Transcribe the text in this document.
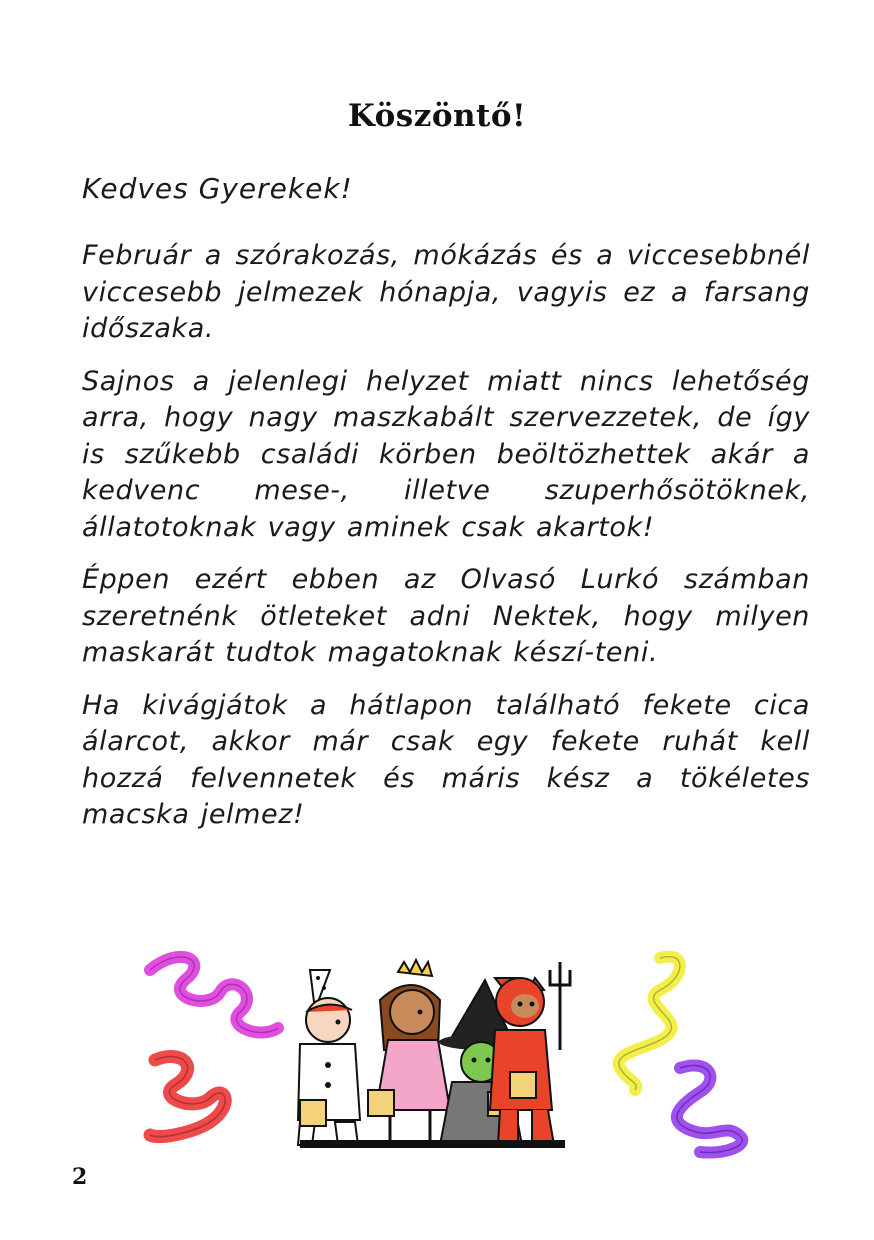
Köszöntő!
Kedves Gyerekek!

Február a szórakozás, mókázás és a viccesebbnél viccesebb jelmezek hónapja, vagyis ez a farsang időszaka.

Sajnos a jelenlegi helyzet miatt nincs lehetőség arra, hogy nagy maszkabált szervezzetek, de így is szűkebb családi körben beöltözhettek akár a kedvenc mese-, illetve szuperhősötöknek, állatotoknak vagy aminek csak akartok!

Éppen ezért ebben az Olvasó Lurkó számban szeretnénk ötleteket adni Nektek, hogy milyen maskarát tudtok magatoknak készí-teni.

Ha kivágjátok a hátlapon található fekete cica álarcot, akkor már csak egy fekete ruhát kell hozzá felvennetek és máris kész a tökéletes macska jelmez!

2
